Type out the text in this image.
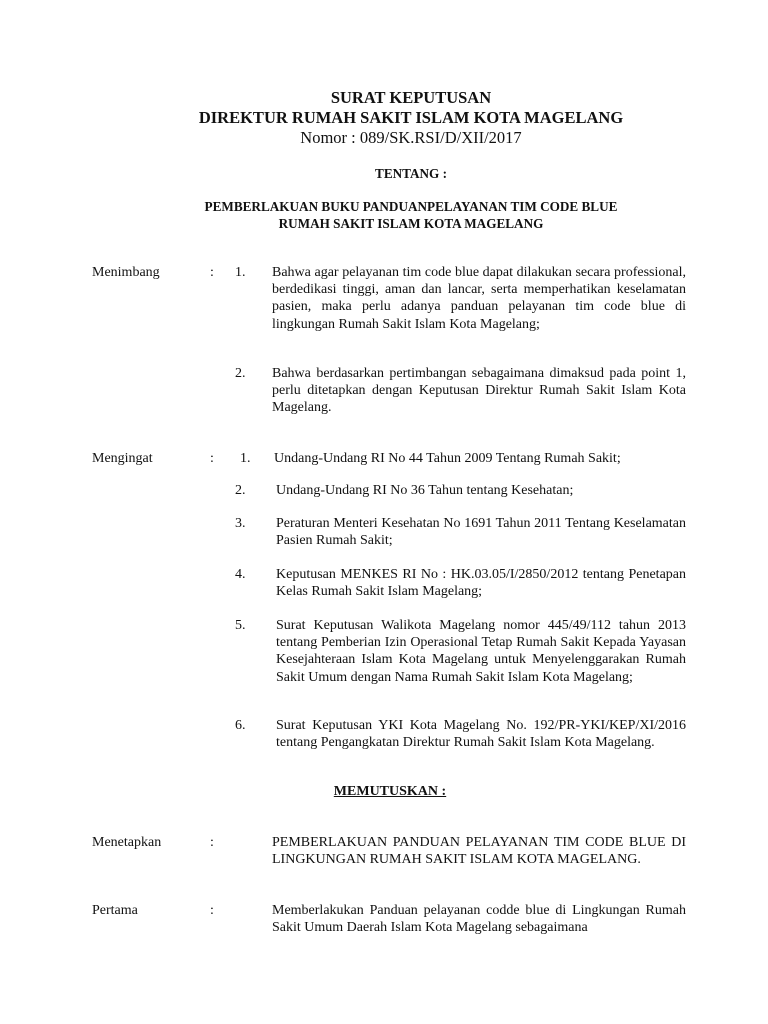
SURAT KEPUTUSAN
DIREKTUR RUMAH SAKIT ISLAM KOTA MAGELANG
Nomor : 089/SK.RSI/D/XII/2017
TENTANG :
PEMBERLAKUAN BUKU PANDUANPELAYANAN TIM CODE BLUE
RUMAH SAKIT ISLAM KOTA MAGELANG
Menimbang	: 1. Bahwa agar pelayanan tim code blue dapat dilakukan secara professional, berdedikasi tinggi, aman dan lancar, serta memperhatikan keselamatan pasien, maka perlu adanya panduan pelayanan tim code blue di lingkungan Rumah Sakit Islam Kota Magelang;
2. Bahwa berdasarkan pertimbangan sebagaimana dimaksud pada point 1, perlu ditetapkan dengan Keputusan Direktur Rumah Sakit Islam Kota Magelang.
Mengingat	: 1. Undang-Undang RI No 44 Tahun 2009 Tentang Rumah Sakit;
2. Undang-Undang RI No 36 Tahun tentang Kesehatan;
3. Peraturan Menteri Kesehatan No 1691 Tahun 2011 Tentang Keselamatan Pasien Rumah Sakit;
4. Keputusan MENKES RI No : HK.03.05/I/2850/2012 tentang Penetapan Kelas Rumah Sakit Islam Magelang;
5. Surat Keputusan Walikota Magelang nomor 445/49/112 tahun 2013 tentang Pemberian Izin Operasional Tetap Rumah Sakit Kepada Yayasan Kesejahteraan Islam Kota Magelang untuk Menyelenggarakan Rumah Sakit Umum dengan Nama Rumah Sakit Islam Kota Magelang;
6. Surat Keputusan YKI Kota Magelang No. 192/PR-YKI/KEP/XI/2016 tentang Pengangkatan Direktur Rumah Sakit Islam Kota Magelang.
MEMUTUSKAN :
Menetapkan	:	PEMBERLAKUAN PANDUAN PELAYANAN TIM CODE BLUE DI LINGKUNGAN RUMAH SAKIT ISLAM KOTA MAGELANG.
Pertama	:	Memberlakukan Panduan pelayanan codde blue di Lingkungan Rumah Sakit Umum Daerah Islam Kota Magelang sebagaimana
